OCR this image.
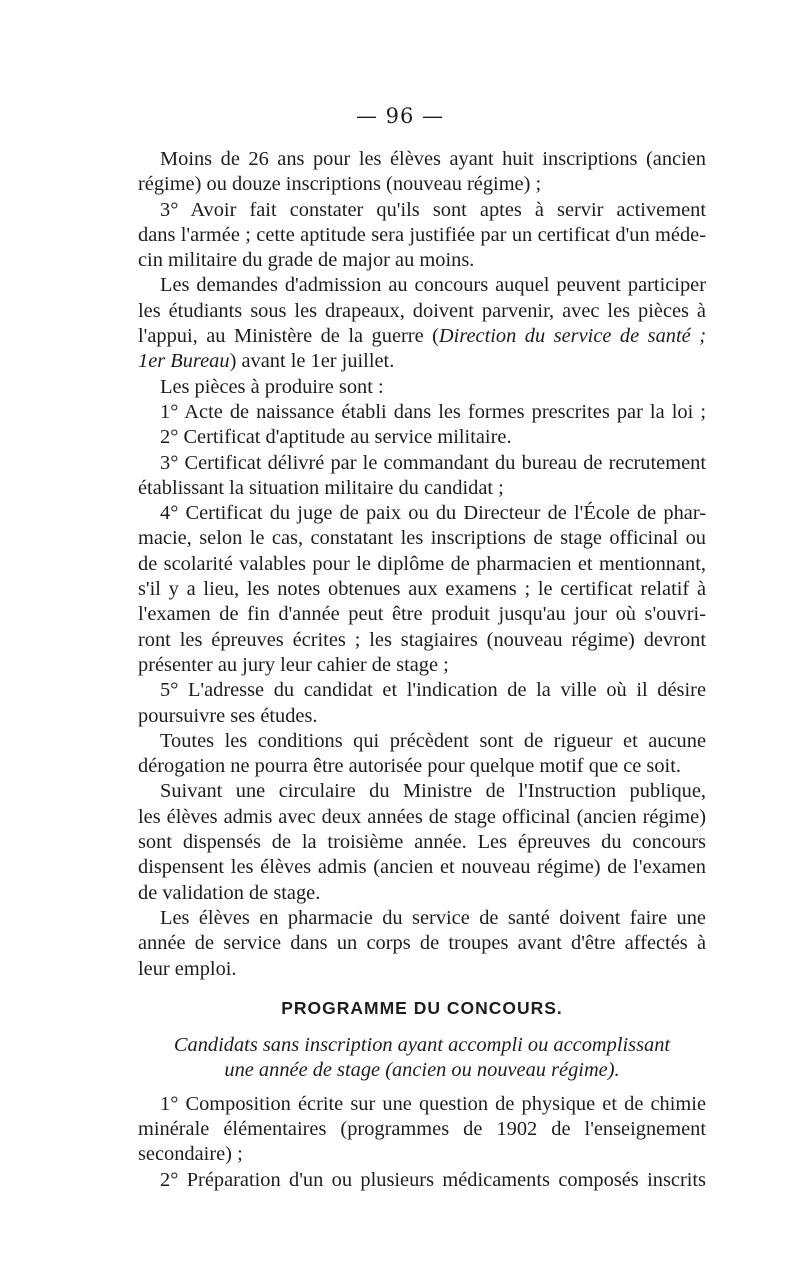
— 96 —
Moins de 26 ans pour les élèves ayant huit inscriptions (ancien
régime) ou douze inscriptions (nouveau régime) ;
3° Avoir fait constater qu'ils sont aptes à servir activement
dans l'armée ; cette aptitude sera justifiée par un certificat d'un méde-
cin militaire du grade de major au moins.
Les demandes d'admission au concours auquel peuvent participer
les étudiants sous les drapeaux, doivent parvenir, avec les pièces à
l'appui, au Ministère de la guerre (Direction du service de santé ;
1er Bureau) avant le 1er juillet.
Les pièces à produire sont :
1° Acte de naissance établi dans les formes prescrites par la loi ;
2° Certificat d'aptitude au service militaire.
3° Certificat délivré par le commandant du bureau de recrutement
établissant la situation militaire du candidat ;
4° Certificat du juge de paix ou du Directeur de l'École de phar-
macie, selon le cas, constatant les inscriptions de stage officinal ou
de scolarité valables pour le diplôme de pharmacien et mentionnant,
s'il y a lieu, les notes obtenues aux examens ; le certificat relatif à
l'examen de fin d'année peut être produit jusqu'au jour où s'ouvri-
ront les épreuves écrites ; les stagiaires (nouveau régime) devront
présenter au jury leur cahier de stage ;
5° L'adresse du candidat et l'indication de la ville où il désire
poursuivre ses études.
Toutes les conditions qui précèdent sont de rigueur et aucune
dérogation ne pourra être autorisée pour quelque motif que ce soit.
Suivant une circulaire du Ministre de l'Instruction publique,
les élèves admis avec deux années de stage officinal (ancien régime)
sont dispensés de la troisième année. Les épreuves du concours
dispensent les élèves admis (ancien et nouveau régime) de l'examen
de validation de stage.
Les élèves en pharmacie du service de santé doivent faire une
année de service dans un corps de troupes avant d'être affectés à
leur emploi.
PROGRAMME DU CONCOURS.
Candidats sans inscription ayant accompli ou accomplissant
une année de stage (ancien ou nouveau régime).
1° Composition écrite sur une question de physique et de chimie
minérale élémentaires (programmes de 1902 de l'enseignement
secondaire) ;
2° Préparation d'un ou plusieurs médicaments composés inscrits
